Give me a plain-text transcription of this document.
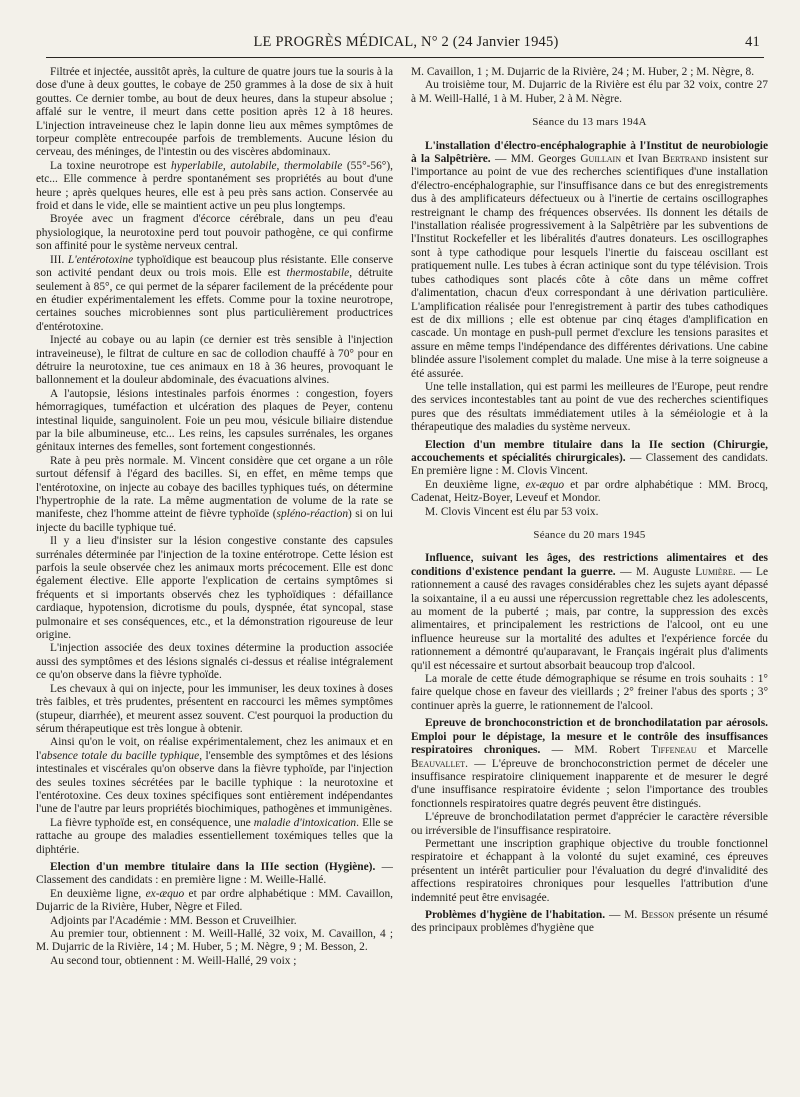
LE PROGRÈS MÉDICAL, N° 2 (24 Janvier 1945)	41

Filtrée et injectée, aussitôt après, la culture de quatre jours tue la souris à la dose d'une à deux gouttes, le cobaye de 250 grammes à la dose de six à huit gouttes. Ce dernier tombe, au bout de deux heures, dans la stupeur absolue ; affalé sur le ventre, il meurt dans cette position après 12 à 18 heures. L'injection intraveineuse chez le lapin donne lieu aux mêmes symptômes de torpeur complète entrecoupée parfois de tremblements. Aucune lésion du cerveau, des méninges, de l'intestin ou des viscères abdominaux.

La toxine neurotrope est hyperlabile, autolabile, thermolabile (55°-56°), etc... Elle commence à perdre spontanément ses propriétés au bout d'une heure ; après quelques heures, elle est à peu près sans action. Conservée au froid et dans le vide, elle se maintient active un peu plus longtemps.

Broyée avec un fragment d'écorce cérébrale, dans un peu d'eau physiologique, la neurotoxine perd tout pouvoir pathogène, ce qui confirme son affinité pour le système nerveux central.

III. L'entérotoxine typhoïdique est beaucoup plus résistante. Elle conserve son activité pendant deux ou trois mois. Elle est thermostabile, détruite seulement à 85°, ce qui permet de la séparer facilement de la précédente pour en étudier expérimentalement les effets. Comme pour la toxine neurotrope, certaines souches microbiennes sont plus particulièrement productrices d'entérotoxine.

Injecté au cobaye ou au lapin (ce dernier est très sensible à l'injection intraveineuse), le filtrat de culture en sac de collodion chauffé à 70° pour en détruire la neurotoxine, tue ces animaux en 18 à 36 heures, provoquant le ballonnement et la douleur abdominale, des évacuations alvines.

A l'autopsie, lésions intestinales parfois énormes : congestion, foyers hémorragiques, tuméfaction et ulcération des plaques de Peyer, contenu intestinal liquide, sanguinolent. Foie un peu mou, vésicule biliaire distendue par la bile albumineuse, etc... Les reins, les capsules surrénales, les organes génitaux internes des femelles, sont fortement congestionnés.

Rate à peu près normale. M. Vincent considère que cet organe a un rôle surtout défensif à l'égard des bacilles. Si, en effet, en même temps que l'entérotoxine, on injecte au cobaye des bacilles typhiques tués, on détermine l'hypertrophie de la rate. La même augmentation de volume de la rate se manifeste, chez l'homme atteint de fièvre typhoïde (spléno-réaction) si on lui injecte du bacille typhique tué.

Il y a lieu d'insister sur la lésion congestive constante des capsules surrénales déterminée par l'injection de la toxine entérotrope. Cette lésion est parfois la seule observée chez les animaux morts précocement. Elle est donc également élective. Elle apporte l'explication de certains symptômes si fréquents et si importants observés chez les typhoïdiques : défaillance cardiaque, hypotension, dicrotisme du pouls, dyspnée, état syncopal, stase pulmonaire et ses conséquences, etc., et la démonstration rigoureuse de leur origine.

L'injection associée des deux toxines détermine la production associée aussi des symptômes et des lésions signalés ci-dessus et réalise intégralement ce qu'on observe dans la fièvre typhoïde.

Les chevaux à qui on injecte, pour les immuniser, les deux toxines à doses très faibles, et très prudentes, présentent en raccourci les mêmes symptômes (stupeur, diarrhée), et meurent assez souvent. C'est pourquoi la production du sérum thérapeutique est très longue à obtenir.

Ainsi qu'on le voit, on réalise expérimentalement, chez les animaux et en l'absence totale du bacille typhique, l'ensemble des symptômes et des lésions intestinales et viscérales qu'on observe dans la fièvre typhoïde, par l'injection des seules toxines sécrétées par le bacille typhique : la neurotoxine et l'entérotoxine. Ces deux toxines spécifiques sont entièrement indépendantes l'une de l'autre par leurs propriétés biochimiques, pathogènes et immunigènes.

La fièvre typhoïde est, en conséquence, une maladie d'intoxication. Elle se rattache au groupe des maladies essentiellement toxémiques telles que la diphtérie.

Election d'un membre titulaire dans la IIIe section (Hygiène). — Classement des candidats : en première ligne : M. Weille-Hallé.

En deuxième ligne, ex-æquo et par ordre alphabétique : MM. Cavaillon, Dujarric de la Rivière, Huber, Nègre et Filed.

Adjoints par l'Académie : MM. Besson et Cruveilhier.

Au premier tour, obtiennent : M. Weill-Hallé, 32 voix, M. Cavaillon, 4 ; M. Dujarric de la Rivière, 14 ; M. Huber, 5 ; M. Nègre, 9 ; M. Besson, 2.

Au second tour, obtiennent : M. Weill-Hallé, 29 voix ;

M. Cavaillon, 1 ; M. Dujarric de la Rivière, 24 ; M. Huber, 2 ; M. Nègre, 8.

Au troisième tour, M. Dujarric de la Rivière est élu par 32 voix, contre 27 à M. Weill-Hallé, 1 à M. Huber, 2 à M. Nègre.

Séance du 13 mars 194A

L'installation d'électro-encéphalographie à l'Institut de neurobiologie à la Salpêtrière. — MM. Georges Guillain et Ivan Bertrand insistent sur l'importance au point de vue des recherches scientifiques d'une installation d'électro-encéphalographie, sur l'insuffisance dans ce but des enregistrements dus à des amplificateurs défectueux ou à l'inertie de certains oscillographes restreignant le champ des fréquences observées. Ils donnent les détails de l'installation réalisée progressivement à la Salpêtrière par les subventions de l'Institut Rockefeller et les libéralités d'autres donateurs. Les oscillographes sont à type cathodique pour lesquels l'inertie du faisceau oscillant est pratiquement nulle. Les tubes à écran actinique sont du type télévision. Trois tubes cathodiques sont placés côte à côte dans un même coffret d'alimentation, chacun d'eux correspondant à une dérivation particulière. L'amplification réalisée pour l'enregistrement à partir des tubes cathodiques est de dix millions ; elle est obtenue par cinq étages d'amplification en cascade. Un montage en push-pull permet d'exclure les tensions parasites et assure en même temps l'indépendance des différentes dérivations. Une cabine blindée assure l'isolement complet du malade. Une mise à la terre soigneuse a été assurée.

Une telle installation, qui est parmi les meilleures de l'Europe, peut rendre des services incontestables tant au point de vue des recherches scientifiques pures que des résultats immédiatement utiles à la séméiologie et à la thérapeutique des maladies du système nerveux.

Election d'un membre titulaire dans la IIe section (Chirurgie, accouchements et spécialités chirurgicales). — Classement des candidats. En première ligne : M. Clovis Vincent.

En deuxième ligne, ex-æquo et par ordre alphabétique : MM. Brocq, Cadenat, Heitz-Boyer, Leveuf et Mondor.

M. Clovis Vincent est élu par 53 voix.

Séance du 20 mars 1945

Influence, suivant les âges, des restrictions alimentaires et des conditions d'existence pendant la guerre. — M. Auguste Lumière. — Le rationnement a causé des ravages considérables chez les sujets ayant dépassé la soixantaine, il a eu aussi une répercussion regrettable chez les adolescents, au moment de la puberté ; mais, par contre, la suppression des excès alimentaires, et principalement les restrictions de l'alcool, ont eu une influence heureuse sur la mortalité des adultes et l'expérience forcée du rationnement a démontré qu'auparavant, le Français ingérait plus d'aliments qu'il est nécessaire et surtout absorbait beaucoup trop d'alcool.

La morale de cette étude démographique se résume en trois souhaits : 1° faire quelque chose en faveur des vieillards ; 2° freiner l'abus des sports ; 3° continuer après la guerre, le rationnement de l'alcool.

Epreuve de bronchoconstriction et de bronchodilatation par aérosols. Emploi pour le dépistage, la mesure et le contrôle des insuffisances respiratoires chroniques. — MM. Robert Tiffeneau et Marcelle Beauvallet. — L'épreuve de bronchoconstriction permet de déceler une insuffisance respiratoire cliniquement inapparente et de mesurer le degré d'une insuffisance respiratoire évidente ; selon l'importance des troubles fonctionnels respiratoires quatre degrés peuvent être distingués.

L'épreuve de bronchodilatation permet d'apprécier le caractère réversible ou irréversible de l'insuffisance respiratoire.

Permettant une inscription graphique objective du trouble fonctionnel respiratoire et échappant à la volonté du sujet examiné, ces épreuves présentent un intérêt particulier pour l'évaluation du degré d'invalidité des affections respiratoires chroniques pour lesquelles l'attribution d'une indemnité peut être envisagée.

Problèmes d'hygiène de l'habitation. — M. Besson présente un résumé des principaux problèmes d'hygiène que
